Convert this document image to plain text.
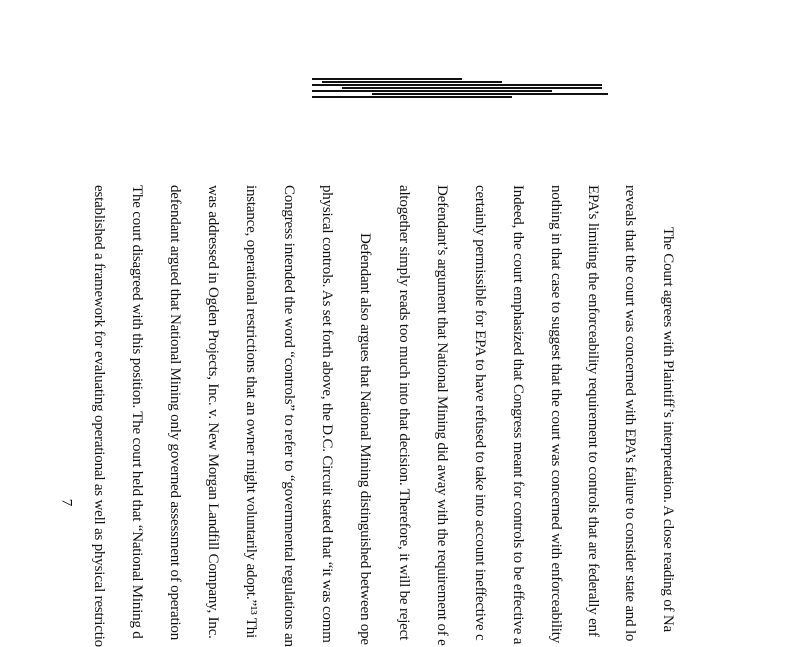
The Court agrees with Plaintiff’s interpretation. A close reading of Na
reveals that the court was concerned with EPA’s failure to consider state and lo
EPA’s limiting the enforceability requirement to controls that are federally enf
nothing in that case to suggest that the court was concerned with enforceability
Indeed, the court emphasized that Congress meant for controls to be effective a
certainly permissible for EPA to have refused to take into account ineffective c
Defendant’s argument that National Mining did away with the requirement of e
altogether simply reads too much into that decision. Therefore, it will be reject
Defendant also argues that National Mining distinguished between ope
physical controls. As set forth above, the D.C. Circuit stated that “it was comm
Congress intended the word “controls” to refer to “governmental regulations an
instance, operational restrictions that an owner might voluntarily adopt.”¹³ Thi
was addressed in Ogden Projects, Inc. v. New Morgan Landfill Company, Inc.
defendant argued that National Mining only governed assessment of operation
The court disagreed with this position. The court held that “National Mining d
established a framework for evaluating operational as well as physical restrictio
7
